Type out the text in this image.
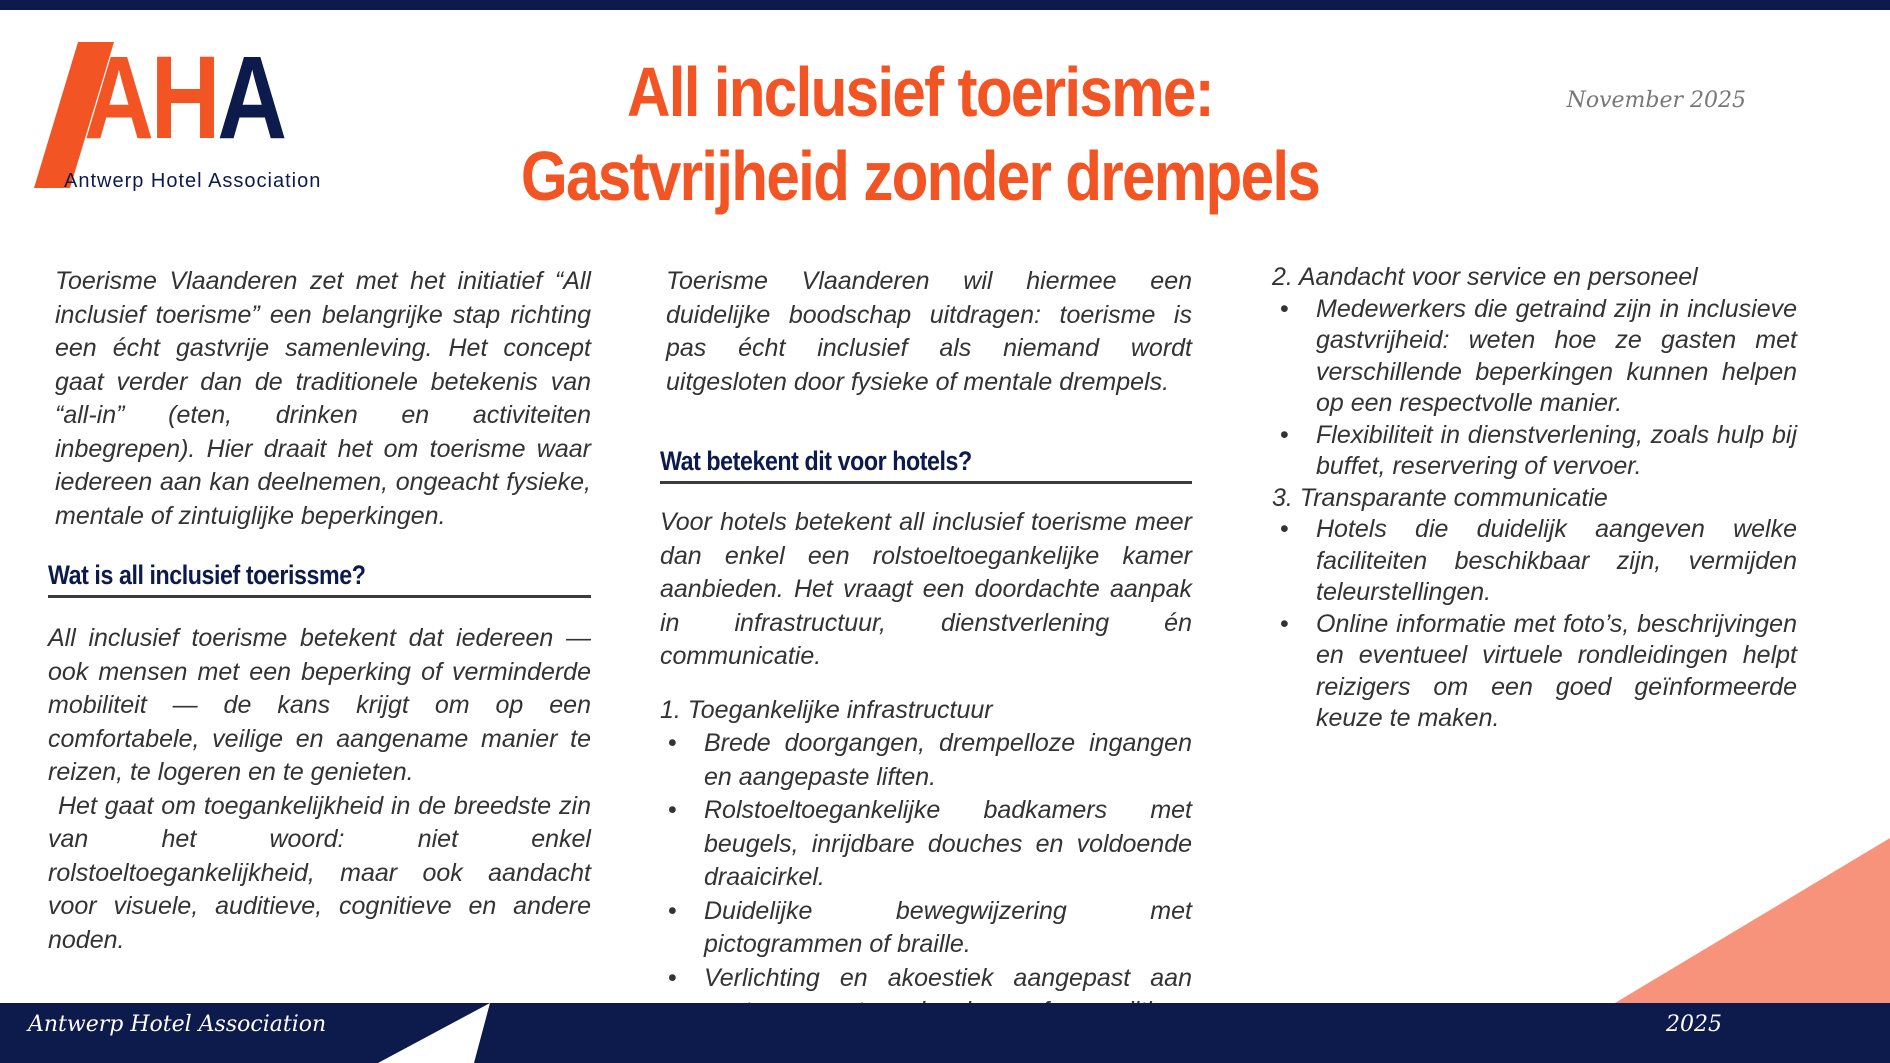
AHA
Antwerp Hotel Association
All inclusief toerisme: Gastvrijheid zonder drempels
November 2025

Toerisme Vlaanderen zet met het initiatief “All inclusief toerisme” een belangrijke stap richting een écht gastvrije samenleving. Het concept gaat verder dan de traditionele betekenis van “all-in” (eten, drinken en activiteiten inbegrepen). Hier draait het om toerisme waar iedereen aan kan deelnemen, ongeacht fysieke, mentale of zintuiglijke beperkingen.

Wat is all inclusief toerissme?

All inclusief toerisme betekent dat iedereen — ook mensen met een beperking of verminderde mobiliteit — de kans krijgt om op een comfortabele, veilige en aangename manier te reizen, te logeren en te genieten.

Het gaat om toegankelijkheid in de breedste zin van het woord: niet enkel rolstoeltoegankelijkheid, maar ook aandacht voor visuele, auditieve, cognitieve en andere noden.

Toerisme Vlaanderen wil hiermee een duidelijke boodschap uitdragen: toerisme is pas écht inclusief als niemand wordt uitgesloten door fysieke of mentale drempels.

Wat betekent dit voor hotels?

Voor hotels betekent all inclusief toerisme meer dan enkel een rolstoeltoegankelijke kamer aanbieden. Het vraagt een doordachte aanpak in infrastructuur, dienstverlening én communicatie.

1. Toegankelijke infrastructuur

• Brede doorgangen, drempelloze ingangen en aangepaste liften.
• Rolstoeltoegankelijke badkamers met beugels, inrijdbare douches en voldoende draaicirkel.
• Duidelijke bewegwijzering met pictogrammen of braille.
• Verlichting en akoestiek aangepast aan

2. Aandacht voor service en personeel

• Medewerkers die getraind zijn in inclusieve gastvrijheid: weten hoe ze gasten met verschillende beperkingen kunnen helpen op een respectvolle manier.
• Flexibiliteit in dienstverlening, zoals hulp bij buffet, reservering of vervoer.

3. Transparante communicatie

• Hotels die duidelijk aangeven welke faciliteiten beschikbaar zijn, vermijden teleurstellingen.
• Online informatie met foto’s, beschrijvingen en eventueel virtuele rondleidingen helpt reizigers om een goed geïnformeerde keuze te maken.
Antwerp Hotel Association	2025
